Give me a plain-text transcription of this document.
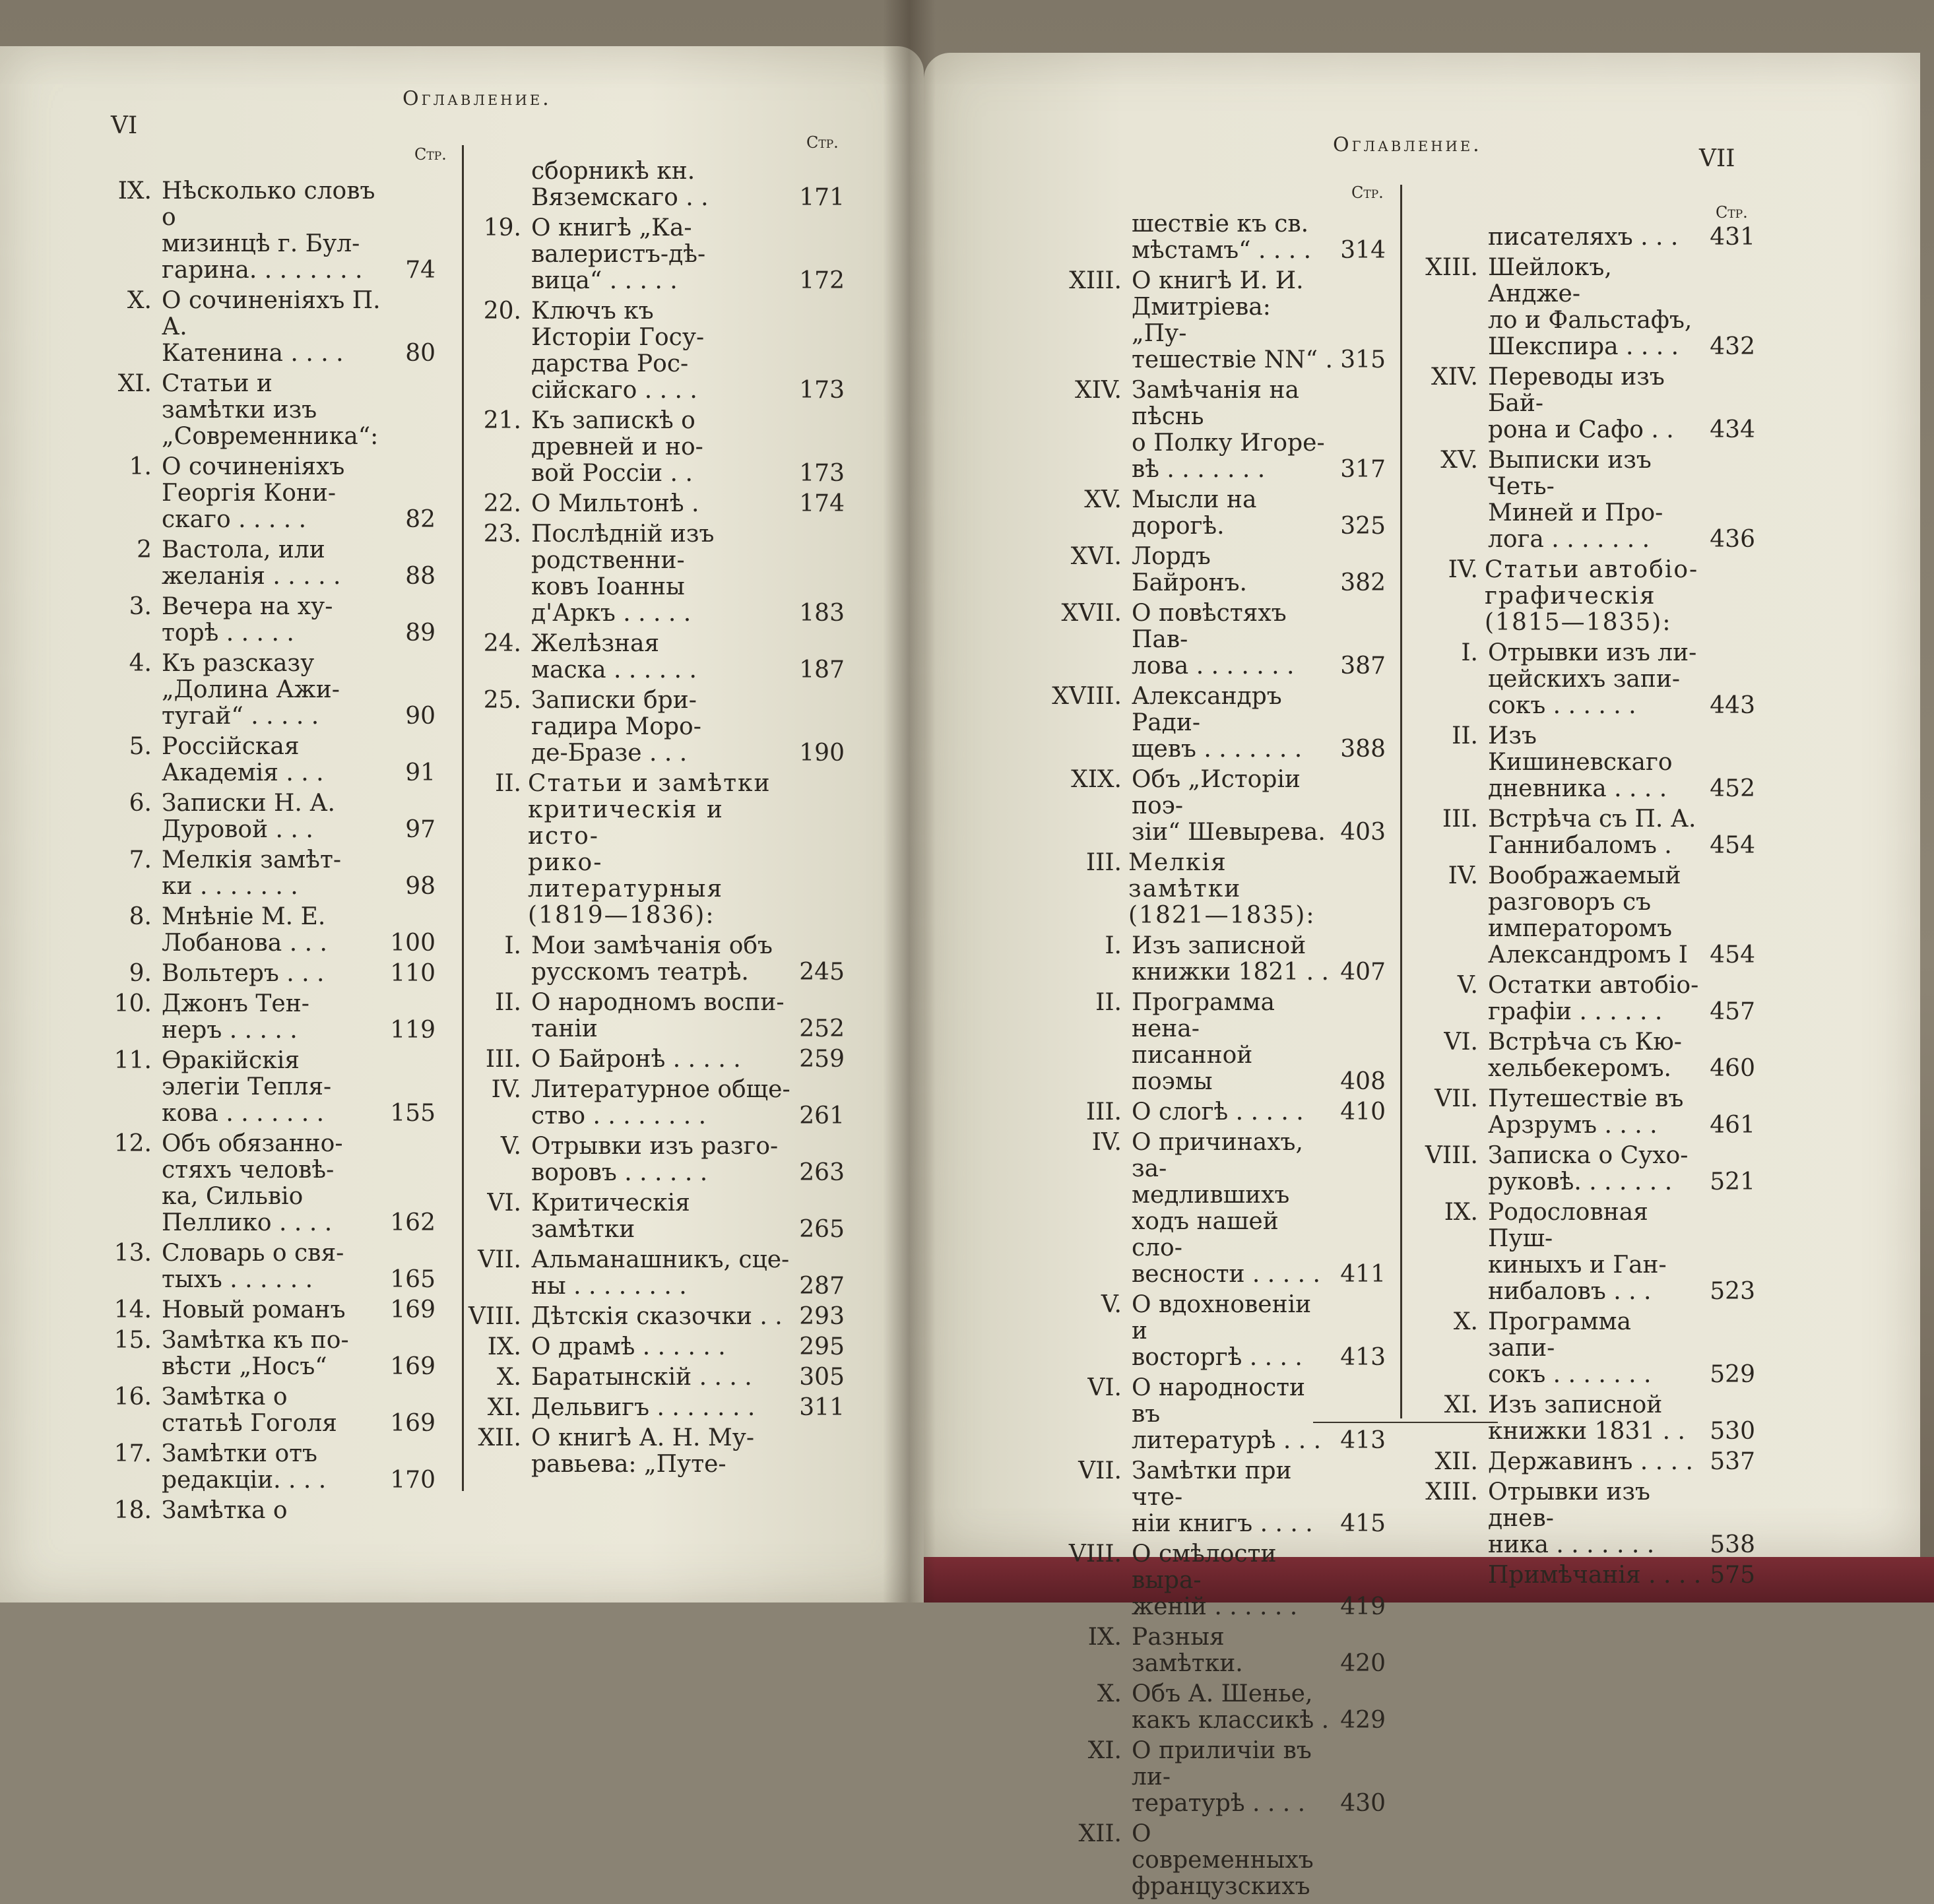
VI
Оглавление.
Стр.
Стр.
IX. Нѣсколько словъ о
мизинцѣ г. Бул-
гарина. . . . . . . .	74
X. О сочиненіяхъ П. А.
Катенина . . . .	80
XI. Статьи и замѣтки изъ
„Современника“:
1. О сочиненіяхъ
Георгія Кони-
скаго . . . . .	82
2 Вастола, или
желанія . . . . .	88
3. Вечера на ху-
торѣ . . . . .	89
4. Къ разсказу
„Долина Ажи-
тугай“ . . . . .	90
5. Россійская
Академія . . .	91
6. Записки Н. А.
Дуровой . . .	97
7. Мелкія замѣт-
ки . . . . . . .	98
8. Мнѣніе М. Е.
Лобанова . . .	100
9. Вольтеръ . . .	110
10. Джонъ Тен-
неръ . . . . .	119
11. Ѳракійскія
элегіи Тепля-
кова . . . . . . .	155
12. Объ обязанно-
стяхъ человѣ-
ка, Сильвіо
Пеллико . . . .	162
13. Словарь о свя-
тыхъ . . . . . .	165
14. Новый романъ	169
15. Замѣтка къ по-
вѣсти „Носъ“	169
16. Замѣтка о
статьѣ Гоголя	169
17. Замѣтки отъ
редакціи. . . .	170
18. Замѣтка о
сборникѣ кн.
Вяземскаго . .	171
19. О книгѣ „Ка-
валеристъ-дѣ-
вица“ . . . . .	172
20. Ключъ къ
Исторіи Госу-
дарства Рос-
сійскаго . . . .	173
21. Къ запискѣ о
древней и но-
вой Россіи . .	173
22. О Мильтонѣ .	174
23. Послѣдній изъ
родственни-
ковъ Іоанны
д'Аркъ . . . . .	183
24. Желѣзная
маска . . . . . .	187
25. Записки бри-
гадира Моро-
де-Бразе . . .	190
II. Статьи и замѣтки
критическія и исто-
рико-литературныя
(1819—1836):
I. Мои замѣчанія объ
русскомъ театрѣ.	245
II. О народномъ воспи-
таніи	252
III. О Байронѣ . . . . .	259
IV. Литературное обще-
ство . . . . . . . .	261
V. Отрывки изъ разго-
воровъ . . . . . .	263
VI. Критическія замѣтки	265
VII. Альманашникъ, сце-
ны . . . . . . . .	287
VIII. Дѣтскія сказочки . . 293
IX. О драмѣ . . . . . .	295
X. Баратынскій . . . .	305
XI. Дельвигъ . . . . . . .	311
XII. О книгѣ А. Н. Му-
равьева: „Путе-
Оглавление.
VII
Стр.
Стр.
шествіе къ св.
мѣстамъ“ . . . .	314
XIII. О книгѣ И. И.
Дмитріева: „Пу-
тешествіе NN“ . 315
XIV. Замѣчанія на пѣснь
о Полку Игоре-
вѣ . . . . . . .	317
XV. Мысли на дорогѣ.	325
XVI. Лордъ Байронъ.	382
XVII. О повѣстяхъ Пав-
лова . . . . . . .	387
XVIII. Александръ Ради-
щевъ . . . . . . .	388
XIX. Объ „Исторіи поэ-
зіи“ Шевырева. 403
III. Мелкія замѣтки
(1821—1835):
I. Изъ записной
книжки 1821 . . 407
II. Программа нена-
писанной поэмы	408
III. О слогѣ . . . . .	410
IV. О причинахъ, за-
медлившихъ
ходъ нашей сло-
весности . . . . . 411
V. О вдохновеніи и
восторгѣ . . . .	413
VI. О народности въ
литературѣ . . . 413
VII. Замѣтки при чте-
ніи книгъ . . . .	415
VIII. О смѣлости выра-
женій . . . . . .	419
IX. Разныя замѣтки.	420
X. Объ А. Шенье,
какъ классикѣ . 429
XI. О приличіи въ ли-
тературѣ . . . .	430
XII. О современныхъ
французскихъ
писателяхъ . . .	431
XIII. Шейлокъ, Анджe-
ло и Фальстафъ,
Шекспира . . . .	432
XIV. Переводы изъ Бай-
рона и Сафо . .	434
XV. Выписки изъ Четь-
Миней и Про-
лога . . . . . . .	436
IV. Статьи автобіо-
графическія
(1815—1835):
I. Отрывки изъ ли-
цейскихъ запи-
сокъ . . . . . .	443
II. Изъ Кишиневскаго
дневника . . . .	452
III. Встрѣча съ П. А.
Ганнибаломъ .	454
IV. Воображаемый
разговоръ съ
императоромъ
Александромъ I 454
V. Остатки автобіо-
графіи . . . . . .	457
VI. Встрѣча съ Кю-
хельбекеромъ.	460
VII. Путешествіе въ
Арзрумъ . . . .	461
VIII. Записка о Сухо-
руковѣ. . . . . . .	521
IX. Родословная Пуш-
киныхъ и Ган-
нибаловъ . . .	523
X. Программа запи-
сокъ . . . . . . .	529
XI. Изъ записной
книжки 1831 . .	530
XII. Державинъ . . . . 537
XIII. Отрывки изъ днев-
ника . . . . . . .	538
Примѣчанія . . . . 575
